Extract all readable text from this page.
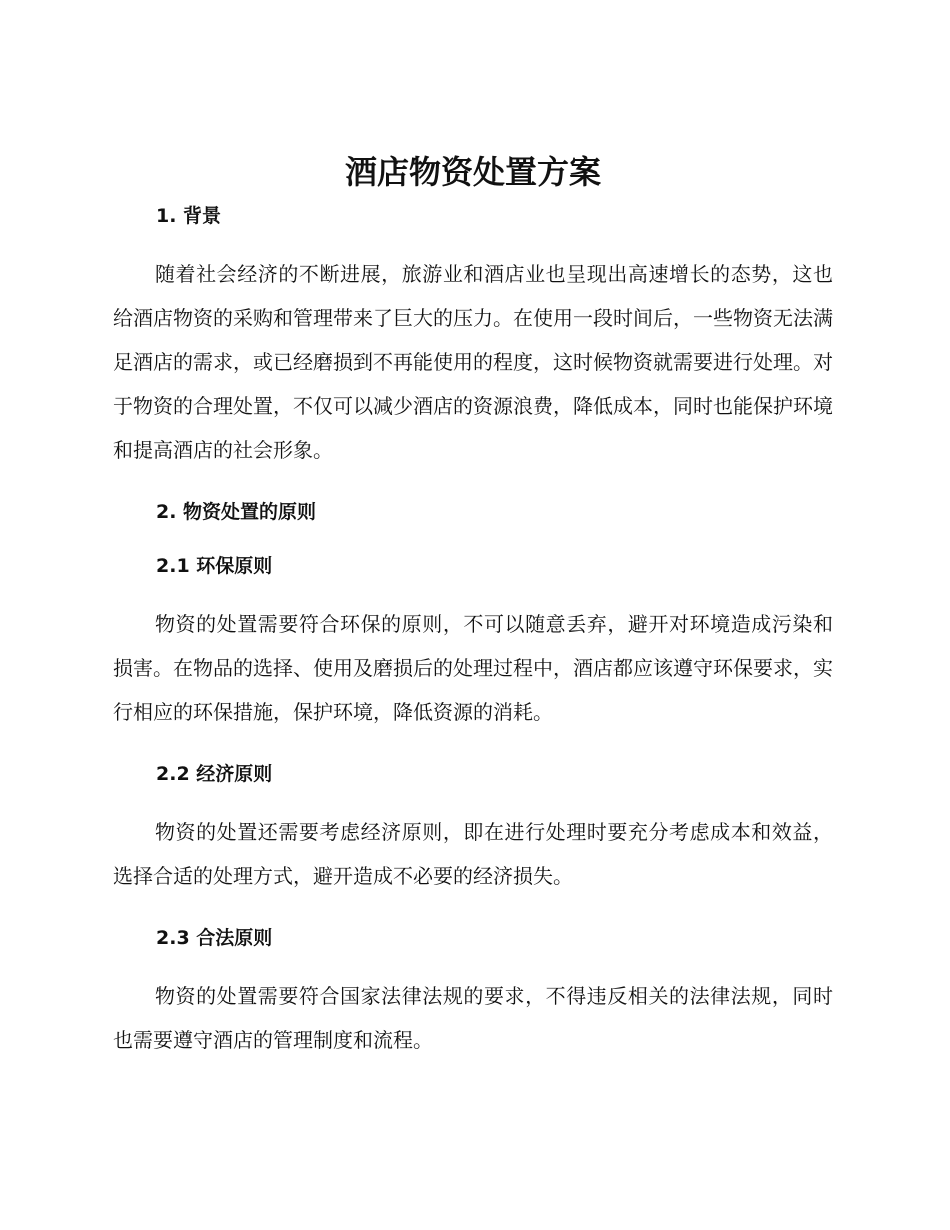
酒店物资处置方案
1. 背景

随着社会经济的不断进展，旅游业和酒店业也呈现出高速增长的态势，这也给酒店物资的采购和管理带来了巨大的压力。在使用一段时间后，一些物资无法满足酒店的需求，或已经磨损到不再能使用的程度，这时候物资就需要进行处理。对于物资的合理处置，不仅可以减少酒店的资源浪费，降低成本，同时也能保护环境和提高酒店的社会形象。

2. 物资处置的原则
2.1 环保原则

物资的处置需要符合环保的原则，不可以随意丢弃，避开对环境造成污染和损害。在物品的选择、使用及磨损后的处理过程中，酒店都应该遵守环保要求，实行相应的环保措施，保护环境，降低资源的消耗。

2.2 经济原则

物资的处置还需要考虑经济原则，即在进行处理时要充分考虑成本和效益，选择合适的处理方式，避开造成不必要的经济损失。

2.3 合法原则

物资的处置需要符合国家法律法规的要求，不得违反相关的法律法规，同时也需要遵守酒店的管理制度和流程。
